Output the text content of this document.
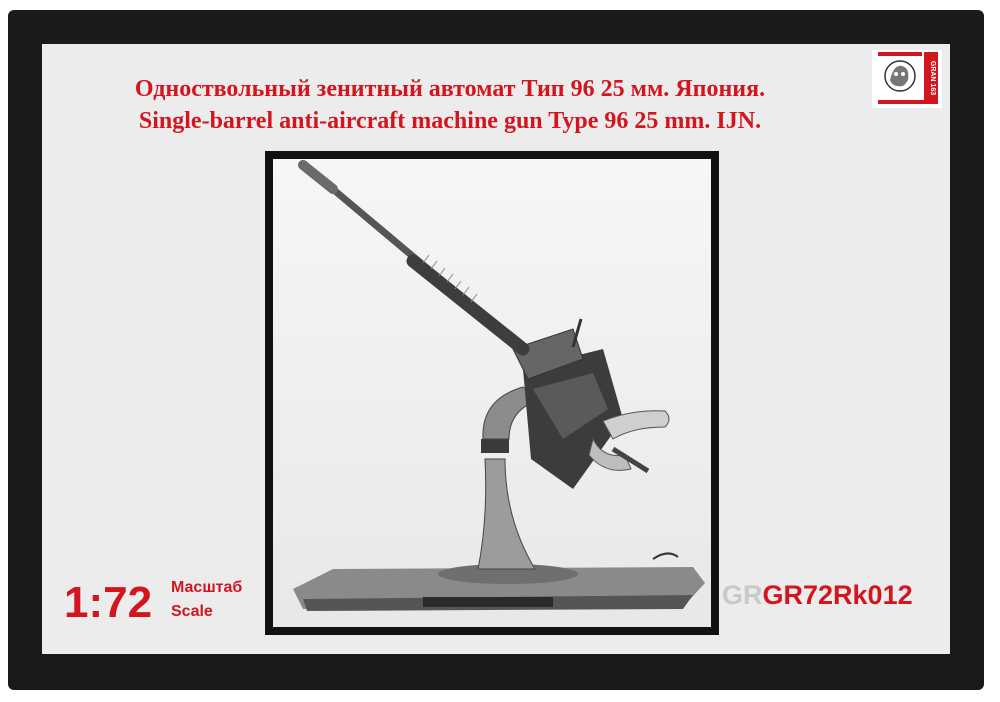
Одноствольный зенитный автомат Тип 96 25 мм. Япония.
Single-barrel anti-aircraft machine gun Type 96 25 mm. IJN.
GRAN 163
1:72 Масштаб
Scale
GRGR72Rk012
